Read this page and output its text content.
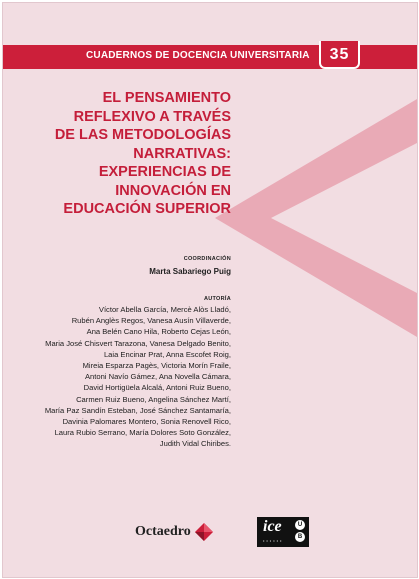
CUADERNOS DE DOCENCIA UNIVERSITARIA	35
EL PENSAMIENTO
REFLEXIVO A TRAVÉS
DE LAS METODOLOGÍAS
NARRATIVAS:
EXPERIENCIAS DE
INNOVACIÓN EN
EDUCACIÓN SUPERIOR
COORDINACIÓN
Marta Sabariego Puig
AUTORÍA
Víctor Abella García, Mercè Alòs Lladó,
Rubén Anglès Regos, Vanesa Ausín Villaverde,
Ana Belén Cano Hila, Roberto Cejas León,
Maria José Chisvert Tarazona, Vanesa Delgado Benito,
Laia Encinar Prat, Anna Escofet Roig,
Mireia Esparza Pagès, Victoria Morín Fraile,
Antoni Navío Gámez, Ana Novella Cámara,
David Hortigüela Alcalá, Antoni Ruiz Bueno,
Carmen Ruiz Bueno, Angelina Sánchez Martí,
María Paz Sandín Esteban, José Sánchez Santamaría,
Davinia Palomares Montero, Sonia Renovell Rico,
Laura Rubio Serrano, María Dolores Soto González,
Judith Vidal Chiribes.
Octaedro	ice
••••••
U
B
